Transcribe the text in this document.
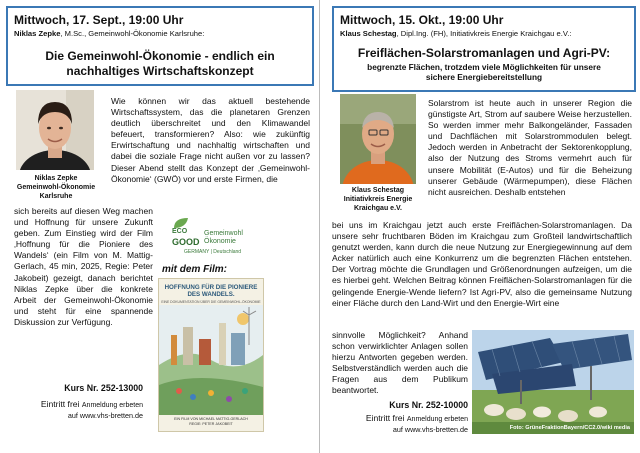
Mittwoch, 17. Sept., 19:00 Uhr
Niklas Zepke, M.Sc., Gemeinwohl-Ökonomie Karlsruhe:
Die Gemeinwohl-Ökonomie - endlich ein
nachhaltiges Wirtschaftskonzept
Niklas Zepke
Gemeinwohl-Ökonomie
Karlsruhe
Wie können wir das aktuell bestehende Wirtschaftssystem, das die planetaren Grenzen deutlich überschreitet und den Klimawandel befeuert, transformieren? Also: wie zukünftig Erwirtschaftung und nachhaltig wirtschaften und dabei die soziale Frage nicht außen vor zu lassen? Dieser Abend stellt das Konzept der ‚Gemeinwohl-Ökonomie‘ (GWÖ) vor und erste Firmen, die
ECO
GOOD
Gemeinwohl
Ökonomie
GERMANY | Deutschland
mit dem Film:
HOFFNUNG FÜR DIE PIONIERE
DES WANDELS.
EINE DOKUMENTATION ÜBER DIE GEMEINWOHL-ÖKONOMIE
EIN FILM VON MICHAEL MATTIG-GERLACH
REGIE: PETER JAKOBEIT
sich bereits auf diesen Weg machen und Hoffnung für unsere Zukunft geben. Zum Einstieg wird der Film ‚Hoffnung für die Pioniere des Wandels‘ (ein Film von M. Mattig-Gerlach, 45 min, 2025, Regie: Peter Jakobeit) gezeigt, danach berichtet Niklas Zepke über die konkrete Arbeit der Gemeinwohl-Ökonomie und steht für eine spannende Diskussion zur Verfügung.
Kurs Nr. 252-13000
Eintritt frei Anmeldung erbeten
auf www.vhs-bretten.de
Mittwoch, 15. Okt., 19:00 Uhr
Klaus Schestag, Dipl.Ing. (FH), Initiativkreis Energie Kraichgau e.V.:
Freiflächen-Solarstromanlagen und Agri-PV:
begrenzte Flächen, trotzdem viele Möglichkeiten für unsere
sichere Energiebereitstellung
Klaus Schestag
Initiativkreis Energie
Kraichgau e.V.
Solarstrom ist heute auch in unserer Region die günstigste Art, Strom auf saubere Weise herzustellen. So werden immer mehr Balkongeländer, Fassaden und Dachflächen mit Solarstrommodulen belegt. Jedoch werden in Anbetracht der Sektorenkopplung, also der Nutzung des Stroms vermehrt auch für unsere Mobilität (E-Autos) und für die Beheizung unserer Gebäude (Wärmepumpen), diese Flächen nicht ausreichen. Deshalb entstehen
bei uns im Kraichgau jetzt auch erste Freiflächen-Solarstromanlagen. Da unsere sehr fruchtbaren Böden im Kraichgau zum Großteil landwirtschaftlich genutzt werden, kann durch die neue Nutzung zur Energiegewinnung auf dem Acker natürlich auch eine Konkurrenz um die begrenzten Flächen entstehen. Der Vortrag möchte die Grundlagen und Größenordnungen aufzeigen, um die es hierbei geht. Welchen Beitrag können Freiflächen-Solarstromanlagen für die gelingende Energie-Wende liefern? Ist Agri-PV, also die gemeinsame Nutzung einer Fläche durch den Land-Wirt und den Energie-Wirt eine
sinnvolle Möglichkeit? Anhand schon verwirklichter Anlagen sollen hierzu Antworten gegeben werden. Selbstverständlich werden auch die Fragen aus dem Publikum beantwortet.
Foto: GrüneFraktionBayern/CC2.0/wiki media
Kurs Nr. 252-10000
Eintritt frei Anmeldung erbeten
auf www.vhs-bretten.de
